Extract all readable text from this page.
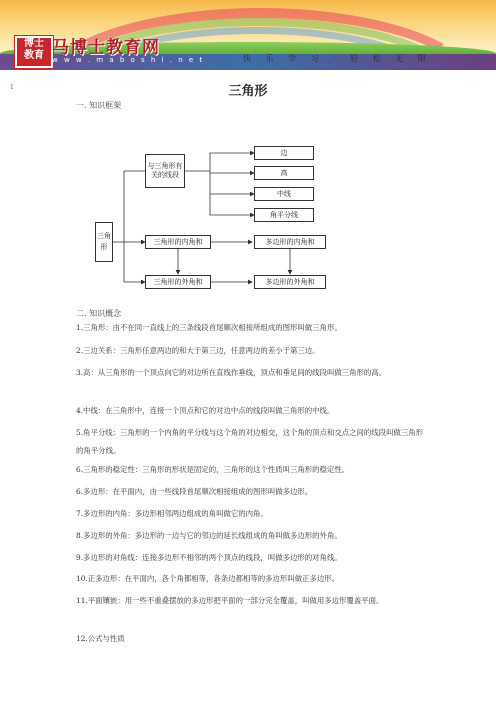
博士
教育 马博士教育网
w w w . m a b o s h i . n e t	快 乐 学 习 · 轻 松 无 限
1	三角形
一. 知识框架
三角形
与三角形有关的线段
边
高
中线
角平分线
三角形的内角和	多边形的内角和
三角形的外角和	多边形的外角和
二. 知识概念
1.三角形：由不在同一直线上的三条线段首尾顺次相接所组成的图形叫做三角形。
2.三边关系：三角形任意两边的和大于第三边，任意两边的差小于第三边。
3.高：从三角形的一个顶点向它的对边所在直线作垂线，顶点和垂足间的线段叫做三角形的高。
4.中线：在三角形中，连接一个顶点和它的对边中点的线段叫做三角形的中线。
5.角平分线：三角形的一个内角的平分线与这个角的对边相交，这个角的顶点和交点之间的线段叫做三角形的角平分线。
6.三角形的稳定性：三角形的形状是固定的，三角形的这个性质叫三角形的稳定性。
6.多边形：在平面内，由一些线段首尾顺次相接组成的图形叫做多边形。
7.多边形的内角：多边形相邻两边组成的角叫做它的内角。
8.多边形的外角：多边形的一边与它的邻边的延长线组成的角叫做多边形的外角。
9.多边形的对角线：连接多边形不相邻的两个顶点的线段，叫做多边形的对角线。
10.正多边形：在平面内，各个角都相等，各条边都相等的多边形叫做正多边形。
11.平面镶嵌：用一些不重叠摆放的多边形把平面的一部分完全覆盖，叫做用多边形覆盖平面。
12.公式与性质
